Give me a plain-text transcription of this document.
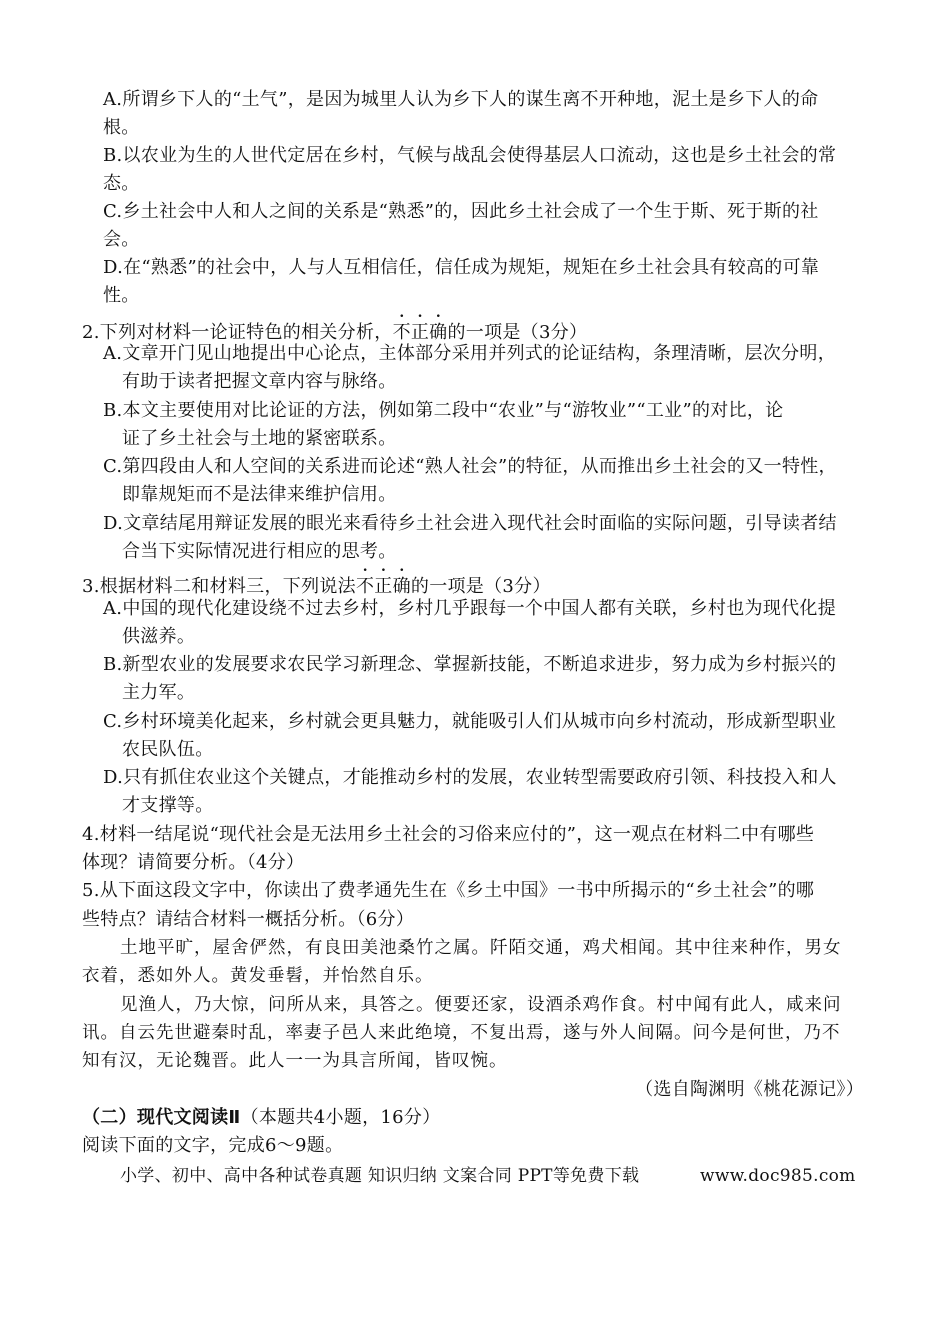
A.所谓乡下人的“土气”，是因为城里人认为乡下人的谋生离不开种地，泥土是乡下人的命
根。
B.以农业为生的人世代定居在乡村，气候与战乱会使得基层人口流动，这也是乡土社会的常
态。
C.乡土社会中人和人之间的关系是“熟悉”的，因此乡土社会成了一个生于斯、死于斯的社
会。
D.在“熟悉”的社会中，人与人互相信任，信任成为规矩，规矩在乡土社会具有较高的可靠
性。
2.下列对材料一论证特色的相关分析，不正确的一项是（3分）
A.文章开门见山地提出中心论点，主体部分采用并列式的论证结构，条理清晰，层次分明，
有助于读者把握文章内容与脉络。
B.本文主要使用对比论证的方法，例如第二段中“农业”与“游牧业”“工业”的对比，论
证了乡土社会与土地的紧密联系。
C.第四段由人和人空间的关系进而论述“熟人社会”的特征，从而推出乡土社会的又一特性，
即靠规矩而不是法律来维护信用。
D.文章结尾用辩证发展的眼光来看待乡土社会进入现代社会时面临的实际问题，引导读者结
合当下实际情况进行相应的思考。
3.根据材料二和材料三，下列说法不正确的一项是（3分）
A.中国的现代化建设绕不过去乡村，乡村几乎跟每一个中国人都有关联，乡村也为现代化提
供滋养。
B.新型农业的发展要求农民学习新理念、掌握新技能，不断追求进步，努力成为乡村振兴的
主力军。
C.乡村环境美化起来，乡村就会更具魅力，就能吸引人们从城市向乡村流动，形成新型职业
农民队伍。
D.只有抓住农业这个关键点，才能推动乡村的发展，农业转型需要政府引领、科技投入和人
才支撑等。
4.材料一结尾说“现代社会是无法用乡土社会的习俗来应付的”，这一观点在材料二中有哪些
体现？请简要分析。（4分）
5.从下面这段文字中，你读出了费孝通先生在《乡土中国》一书中所揭示的“乡土社会”的哪
些特点？请结合材料一概括分析。（6分）
土地平旷，屋舍俨然，有良田美池桑竹之属。阡陌交通，鸡犬相闻。其中往来种作，男女
衣着，悉如外人。黄发垂髫，并怡然自乐。
见渔人，乃大惊，问所从来，具答之。便要还家，设酒杀鸡作食。村中闻有此人，咸来问
讯。自云先世避秦时乱，率妻子邑人来此绝境，不复出焉，遂与外人间隔。问今是何世，乃不
知有汉，无论魏晋。此人一一为具言所闻，皆叹惋。
（选自陶渊明《桃花源记》）
（二）现代文阅读Ⅱ（本题共4小题，16分）
阅读下面的文字，完成6～9题。
小学、初中、高中各种试卷真题 知识归纳 文案合同 PPT等免费下载	www.doc985.com
